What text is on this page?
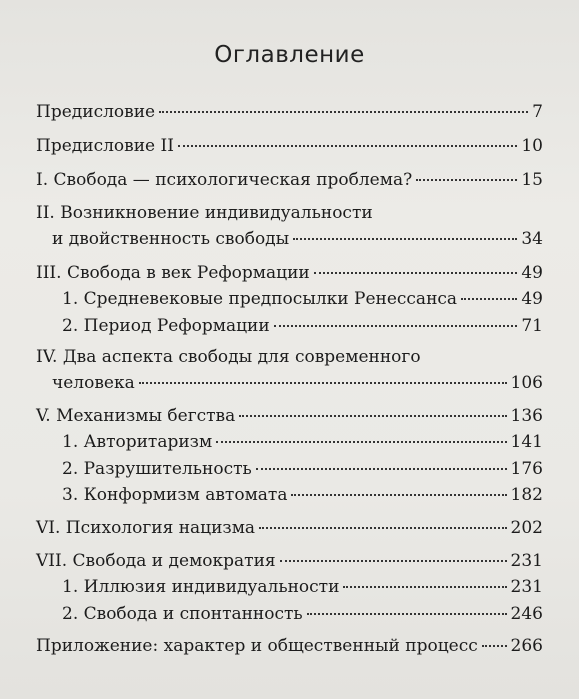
Оглавление
Предисловие	7
Предисловие II	10
I. Свобода — психологическая проблема?	15
II. Возникновение индивидуальности
и двойственность свободы	34
III. Свобода в век Реформации	49
1. Средневековые предпосылки Ренессанса	49
2. Период Реформации	71
IV. Два аспекта свободы для современного
человека	106
V. Механизмы бегства	136
1. Авторитаризм	141
2. Разрушительность	176
3. Конформизм автомата	182
VI. Психология нацизма	202
VII. Свобода и демократия	231
1. Иллюзия индивидуальности	231
2. Свобода и спонтанность	246
Приложение: характер и общественный процесс 266
